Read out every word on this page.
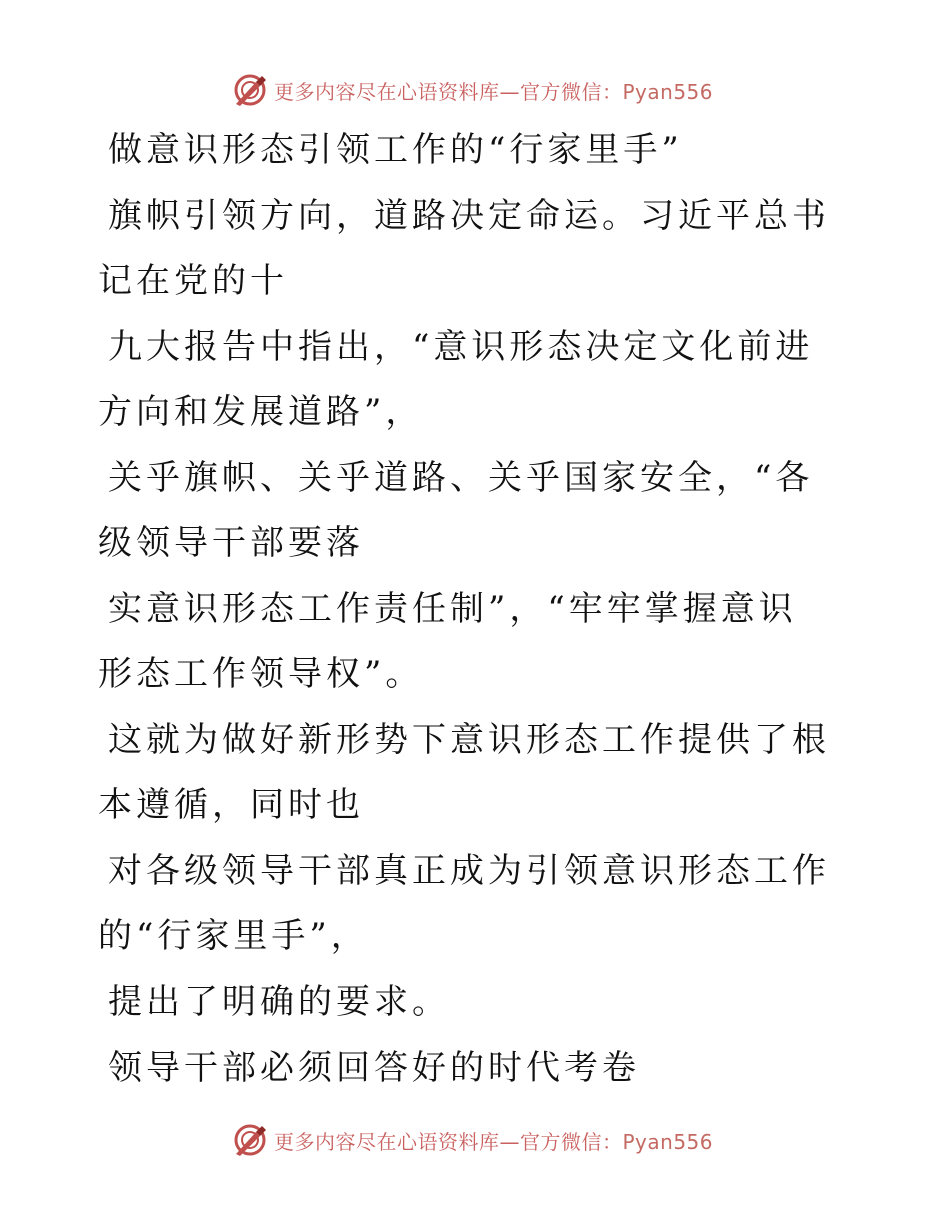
更多内容尽在心语资料库—官方微信：Pyan556

做意识形态引领工作的“行家里手”

旗帜引领方向，道路决定命运。习近平总书记在党的十

九大报告中指出，“意识形态决定文化前进方向和发展道路”，

关乎旗帜、关乎道路、关乎国家安全，“各级领导干部要落

实意识形态工作责任制”，“牢牢掌握意识形态工作领导权”。

这就为做好新形势下意识形态工作提供了根本遵循，同时也

对各级领导干部真正成为引领意识形态工作的“行家里手”，

提出了明确的要求。

领导干部必须回答好的时代考卷

更多内容尽在心语资料库—官方微信：Pyan556
